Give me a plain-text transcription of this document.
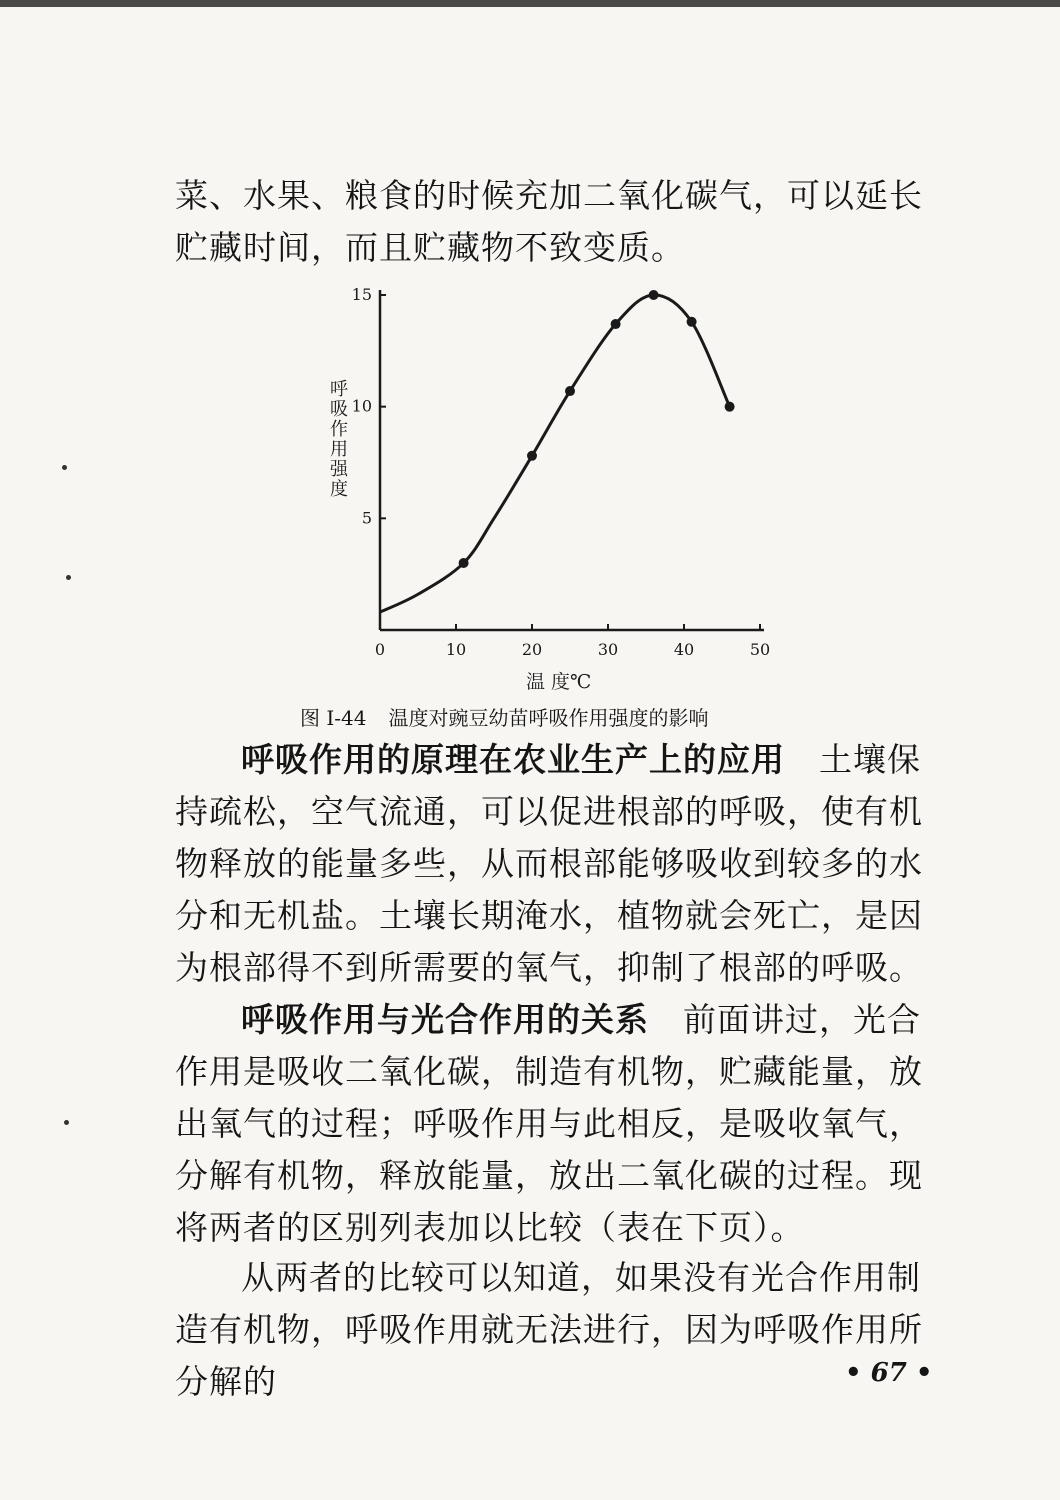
菜、水果、粮食的时候充加二氧化碳气，可以延长贮藏时间，而且贮藏物不致变质。

0	10	20	30	40	50
5
10
15
呼吸作用强度
温 度℃
图 I-44 温度对豌豆幼苗呼吸作用强度的影响

呼吸作用的原理在农业生产上的应用 土壤保持疏松，空气流通，可以促进根部的呼吸，使有机物释放的能量多些，从而根部能够吸收到较多的水分和无机盐。土壤长期淹水，植物就会死亡，是因为根部得不到所需要的氧气，抑制了根部的呼吸。

呼吸作用与光合作用的关系 前面讲过，光合作用是吸收二氧化碳，制造有机物，贮藏能量，放出氧气的过程；呼吸作用与此相反，是吸收氧气，分解有机物，释放能量，放出二氧化碳的过程。现将两者的区别列表加以比较（表在下页）。

从两者的比较可以知道，如果没有光合作用制造有机物，呼吸作用就无法进行，因为呼吸作用所分解的	• 67 •
